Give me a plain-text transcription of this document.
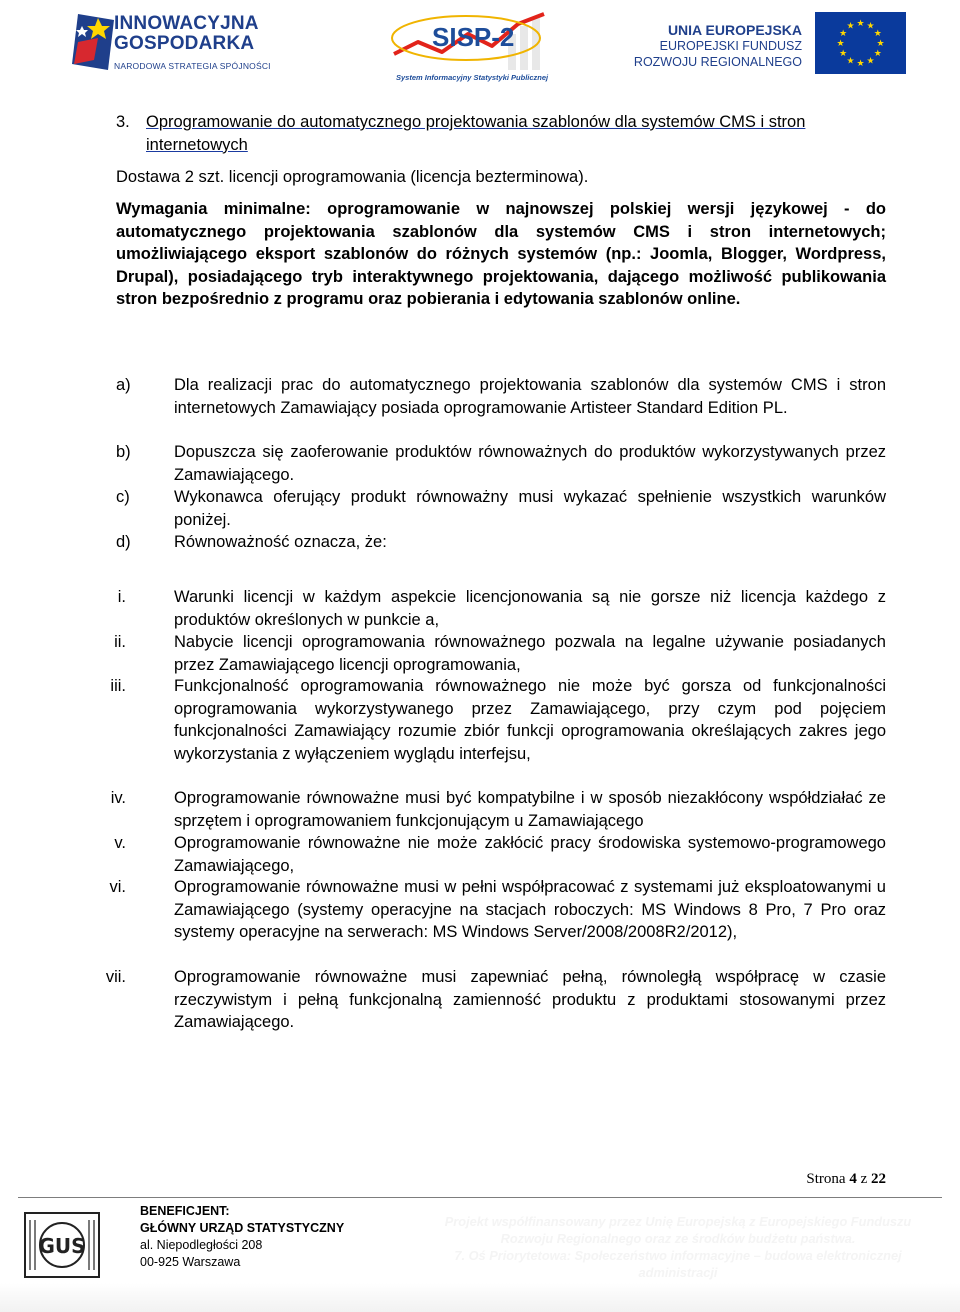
INNOWACYJNA
GOSPODARKA
NARODOWA STRATEGIA SPÓJNOŚCI
SISP-2
System Informacyjny Statystyki Publicznej
UNIA EUROPEJSKA
EUROPEJSKI FUNDUSZ
ROZWOJU REGIONALNEGO
★ ★
★
★
★
★
★
★
★
★
★
★
3. Oprogramowanie do automatycznego projektowania szablonów dla systemów CMS i stron internetowych
Dostawa 2 szt. licencji oprogramowania (licencja bezterminowa).
Wymagania minimalne: oprogramowanie w najnowszej polskiej wersji językowej - do automatycznego projektowania szablonów dla systemów CMS i stron internetowych; umożliwiającego eksport szablonów do różnych systemów (np.: Joomla, Blogger, Wordpress, Drupal), posiadającego tryb interaktywnego projektowania, dającego możliwość publikowania stron bezpośrednio z programu oraz pobierania i edytowania szablonów online.
a)	Dla realizacji prac do automatycznego projektowania szablonów dla systemów CMS i stron internetowych Zamawiający posiada oprogramowanie Artisteer Standard Edition PL.
b)	Dopuszcza się zaoferowanie produktów równoważnych do produktów wykorzystywanych przez Zamawiającego.
c)	Wykonawca oferujący produkt równoważny musi wykazać spełnienie wszystkich warunków poniżej.
d)	Równoważność oznacza, że:
i.	Warunki licencji w każdym aspekcie licencjonowania są nie gorsze niż licencja każdego z produktów określonych w punkcie a,
ii.	Nabycie licencji oprogramowania równoważnego pozwala na legalne używanie posiadanych przez Zamawiającego licencji oprogramowania,
iii.	Funkcjonalność oprogramowania równoważnego nie może być gorsza od funkcjonalności oprogramowania wykorzystywanego przez Zamawiającego, przy czym pod pojęciem funkcjonalności Zamawiający rozumie zbiór funkcji oprogramowania określających zakres jego wykorzystania z wyłączeniem wyglądu interfejsu,
iv.	Oprogramowanie równoważne musi być kompatybilne i w sposób niezakłócony współdziałać ze sprzętem i oprogramowaniem funkcjonującym u Zamawiającego
v.	Oprogramowanie równoważne nie może zakłócić pracy środowiska systemowo-programowego Zamawiającego,
vi.	Oprogramowanie równoważne musi w pełni współpracować z systemami już eksploatowanymi u Zamawiającego (systemy operacyjne na stacjach roboczych: MS Windows 8 Pro, 7 Pro oraz systemy operacyjne na serwerach: MS Windows Server/2008/2008R2/2012),
vii.	Oprogramowanie równoważne musi zapewniać pełną, równoległą współpracę w czasie rzeczywistym i pełną funkcjonalną zamienność produktu z produktami stosowanymi przez Zamawiającego.
Strona 4 z 22
GUS
BENEFICJENT:
GŁÓWNY URZĄD STATYSTYCZNY
al. Niepodległości 208
00-925 Warszawa
Projekt współfinansowany przez Unię Europejską z Europejskiego Funduszu
Rozwoju Regionalnego oraz ze środków budżetu państwa.
7. Oś Priorytetowa: Społeczeństwo informacyjne – budowa elektronicznej
administracji
